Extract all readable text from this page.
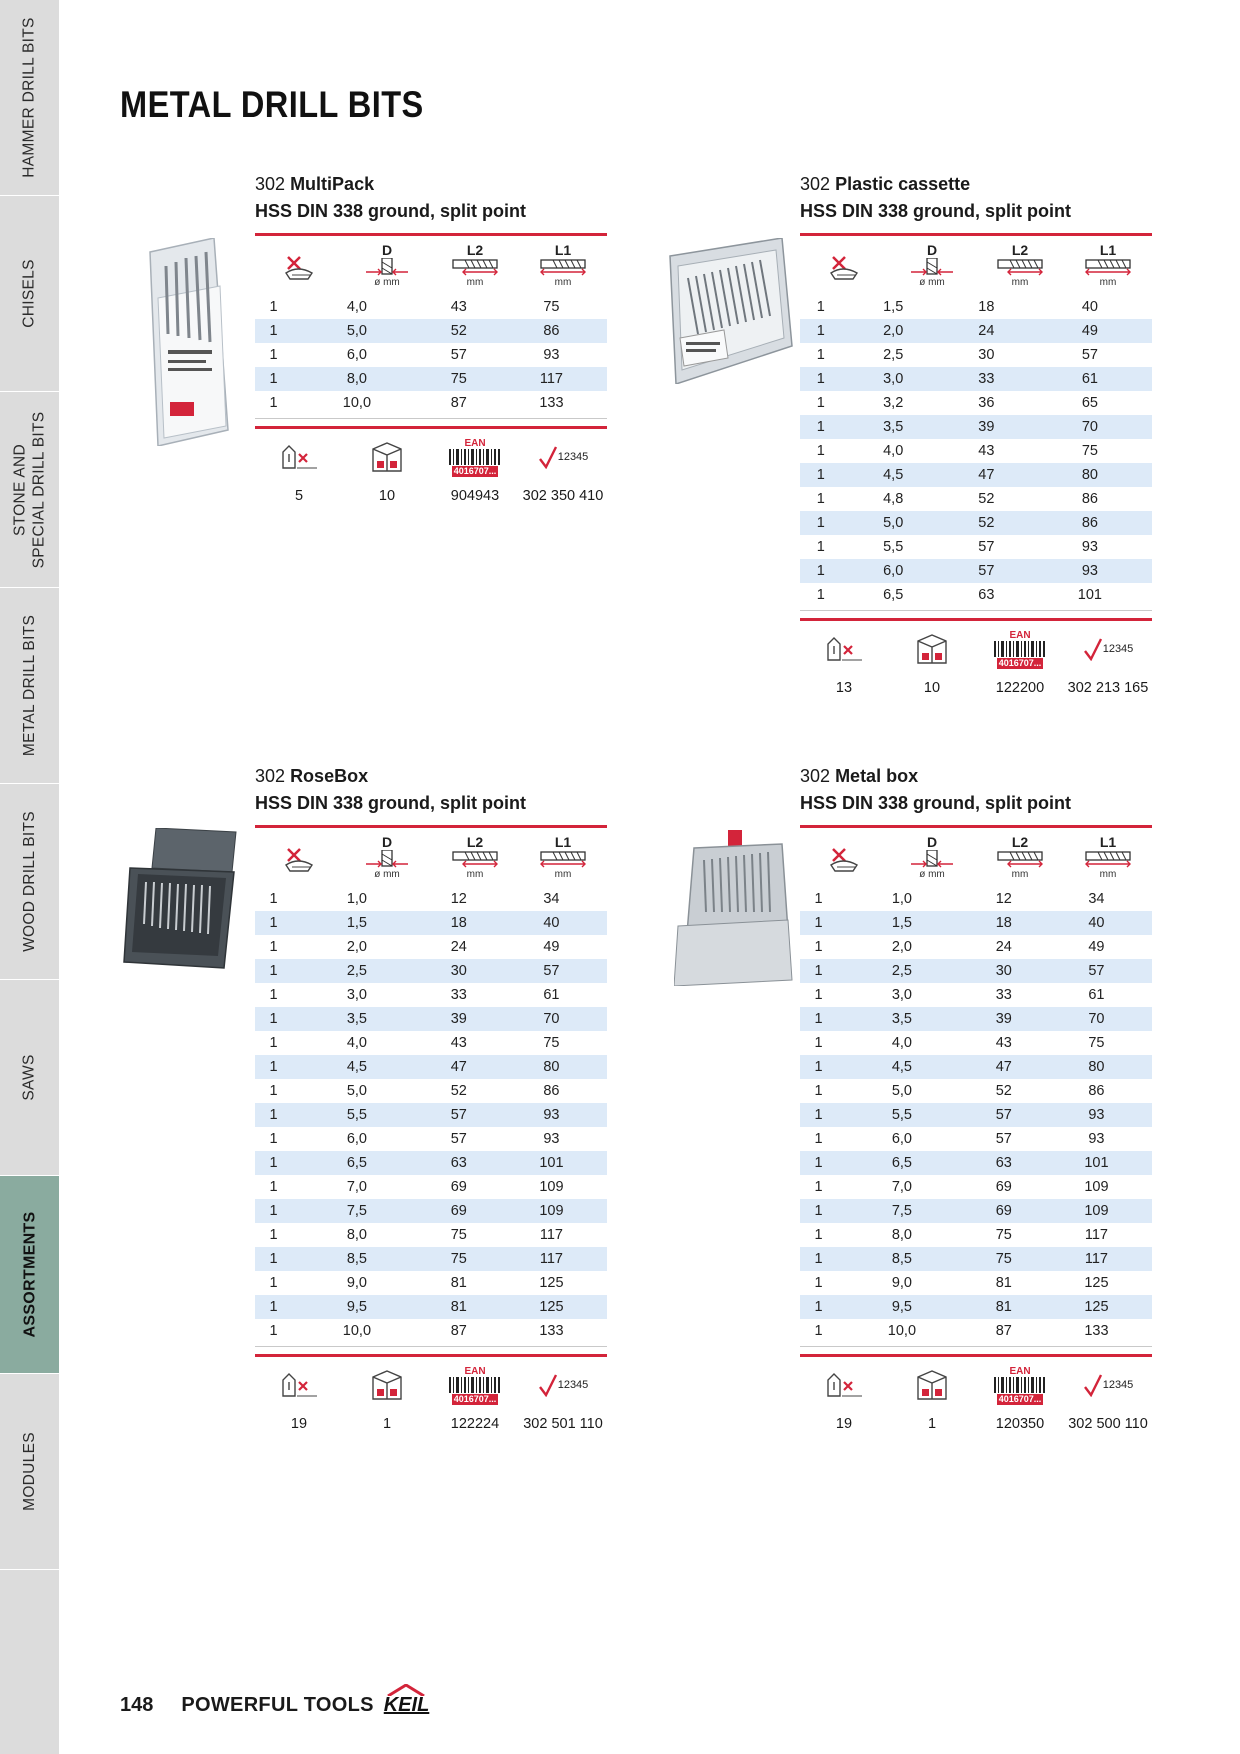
HAMMER DRILL BITS
CHISELS
STONE AND
SPECIAL DRILL BITS
METAL DRILL BITS
WOOD DRILL BITS
SAWS
ASSORTMENTS
MODULES
METAL DRILL BITS
302 MultiPack
HSS DIN 338 ground, split point
D
ø mm
L2
mm
L1
mm
1	4,0	43	75
1	5,0	52	86
1	6,0	57	93
1	8,0	75	117
1	10,0	87	133
EAN
4016707...
12345
5	10	904943	302 350 410
302 Plastic cassette
HSS DIN 338 ground, split point
D
ø mm
L2
mm
L1
mm
1	1,5	18	40
1	2,0	24	49
1	2,5	30	57
1	3,0	33	61
1	3,2	36	65
1	3,5	39	70
1	4,0	43	75
1	4,5	47	80
1	4,8	52	86
1	5,0	52	86
1	5,5	57	93
1	6,0	57	93
1	6,5	63	101
EAN
4016707...
12345
13	10	122200	302 213 165
302 RoseBox
HSS DIN 338 ground, split point
D
ø mm
L2
mm
L1
mm
1	1,0	12	34
1	1,5	18	40
1	2,0	24	49
1	2,5	30	57
1	3,0	33	61
1	3,5	39	70
1	4,0	43	75
1	4,5	47	80
1	5,0	52	86
1	5,5	57	93
1	6,0	57	93
1	6,5	63	101
1	7,0	69	109
1	7,5	69	109
1	8,0	75	117
1	8,5	75	117
1	9,0	81	125
1	9,5	81	125
1	10,0	87	133
EAN
4016707...
12345
19	1	122224	302 501 110
302 Metal box
HSS DIN 338 ground, split point
D
ø mm
L2
mm
L1
mm
1	1,0	12	34
1	1,5	18	40
1	2,0	24	49
1	2,5	30	57
1	3,0	33	61
1	3,5	39	70
1	4,0	43	75
1	4,5	47	80
1	5,0	52	86
1	5,5	57	93
1	6,0	57	93
1	6,5	63	101
1	7,0	69	109
1	7,5	69	109
1	8,0	75	117
1	8,5	75	117
1	9,0	81	125
1	9,5	81	125
1	10,0	87	133
EAN
4016707...
12345
19	1	120350	302 500 110
148 POWERFUL TOOLS KEIL
